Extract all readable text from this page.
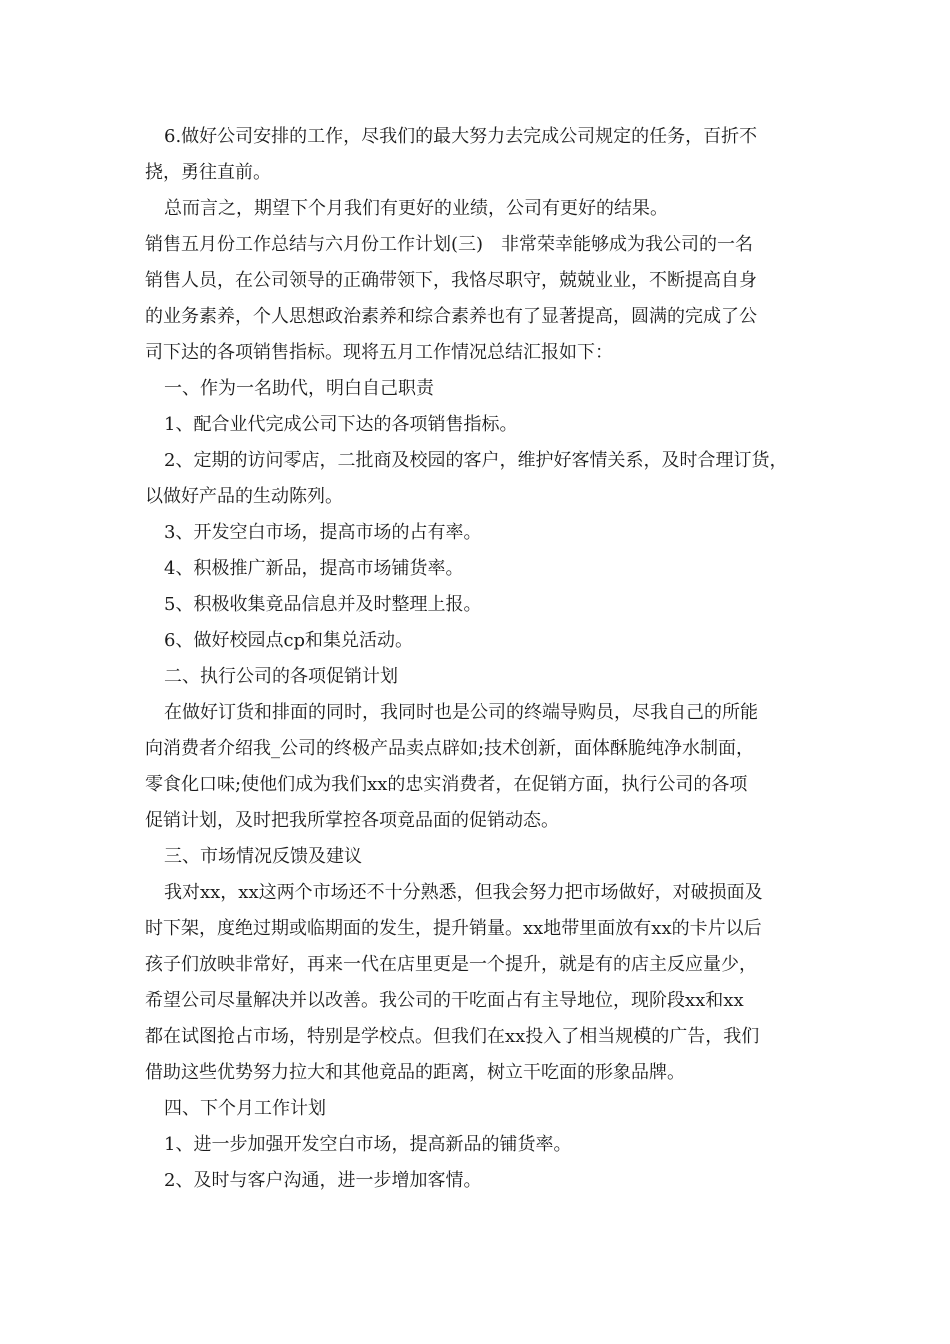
6.做好公司安排的工作，尽我们的最大努力去完成公司规定的任务，百折不
挠，勇往直前。
总而言之，期望下个月我们有更好的业绩，公司有更好的结果。
销售五月份工作总结与六月份工作计划(三)　非常荣幸能够成为我公司的一名
销售人员，在公司领导的正确带领下，我恪尽职守，兢兢业业，不断提高自身
的业务素养，个人思想政治素养和综合素养也有了显著提高，圆满的完成了公
司下达的各项销售指标。现将五月工作情况总结汇报如下：
一、作为一名助代，明白自己职责
1、配合业代完成公司下达的各项销售指标。
2、定期的访问零店，二批商及校园的客户，维护好客情关系，及时合理订货，
以做好产品的生动陈列。
3、开发空白市场，提高市场的占有率。
4、积极推广新品，提高市场铺货率。
5、积极收集竟品信息并及时整理上报。
6、做好校园点cp和集兑活动。
二、执行公司的各项促销计划
在做好订货和排面的同时，我同时也是公司的终端导购员，尽我自己的所能
向消费者介绍我_公司的终极产品卖点辟如;技术创新，面体酥脆纯净水制面，
零食化口味;使他们成为我们xx的忠实消费者，在促销方面，执行公司的各项
促销计划，及时把我所掌控各项竟品面的促销动态。
三、市场情况反馈及建议
我对xx，xx这两个市场还不十分熟悉，但我会努力把市场做好，对破损面及
时下架，度绝过期或临期面的发生，提升销量。xx地带里面放有xx的卡片以后
孩子们放映非常好，再来一代在店里更是一个提升，就是有的店主反应量少，
希望公司尽量解决并以改善。我公司的干吃面占有主导地位，现阶段xx和xx
都在试图抢占市场，特别是学校点。但我们在xx投入了相当规模的广告，我们
借助这些优势努力拉大和其他竟品的距离，树立干吃面的形象品牌。
四、下个月工作计划
1、进一步加强开发空白市场，提高新品的铺货率。
2、及时与客户沟通，进一步增加客情。
